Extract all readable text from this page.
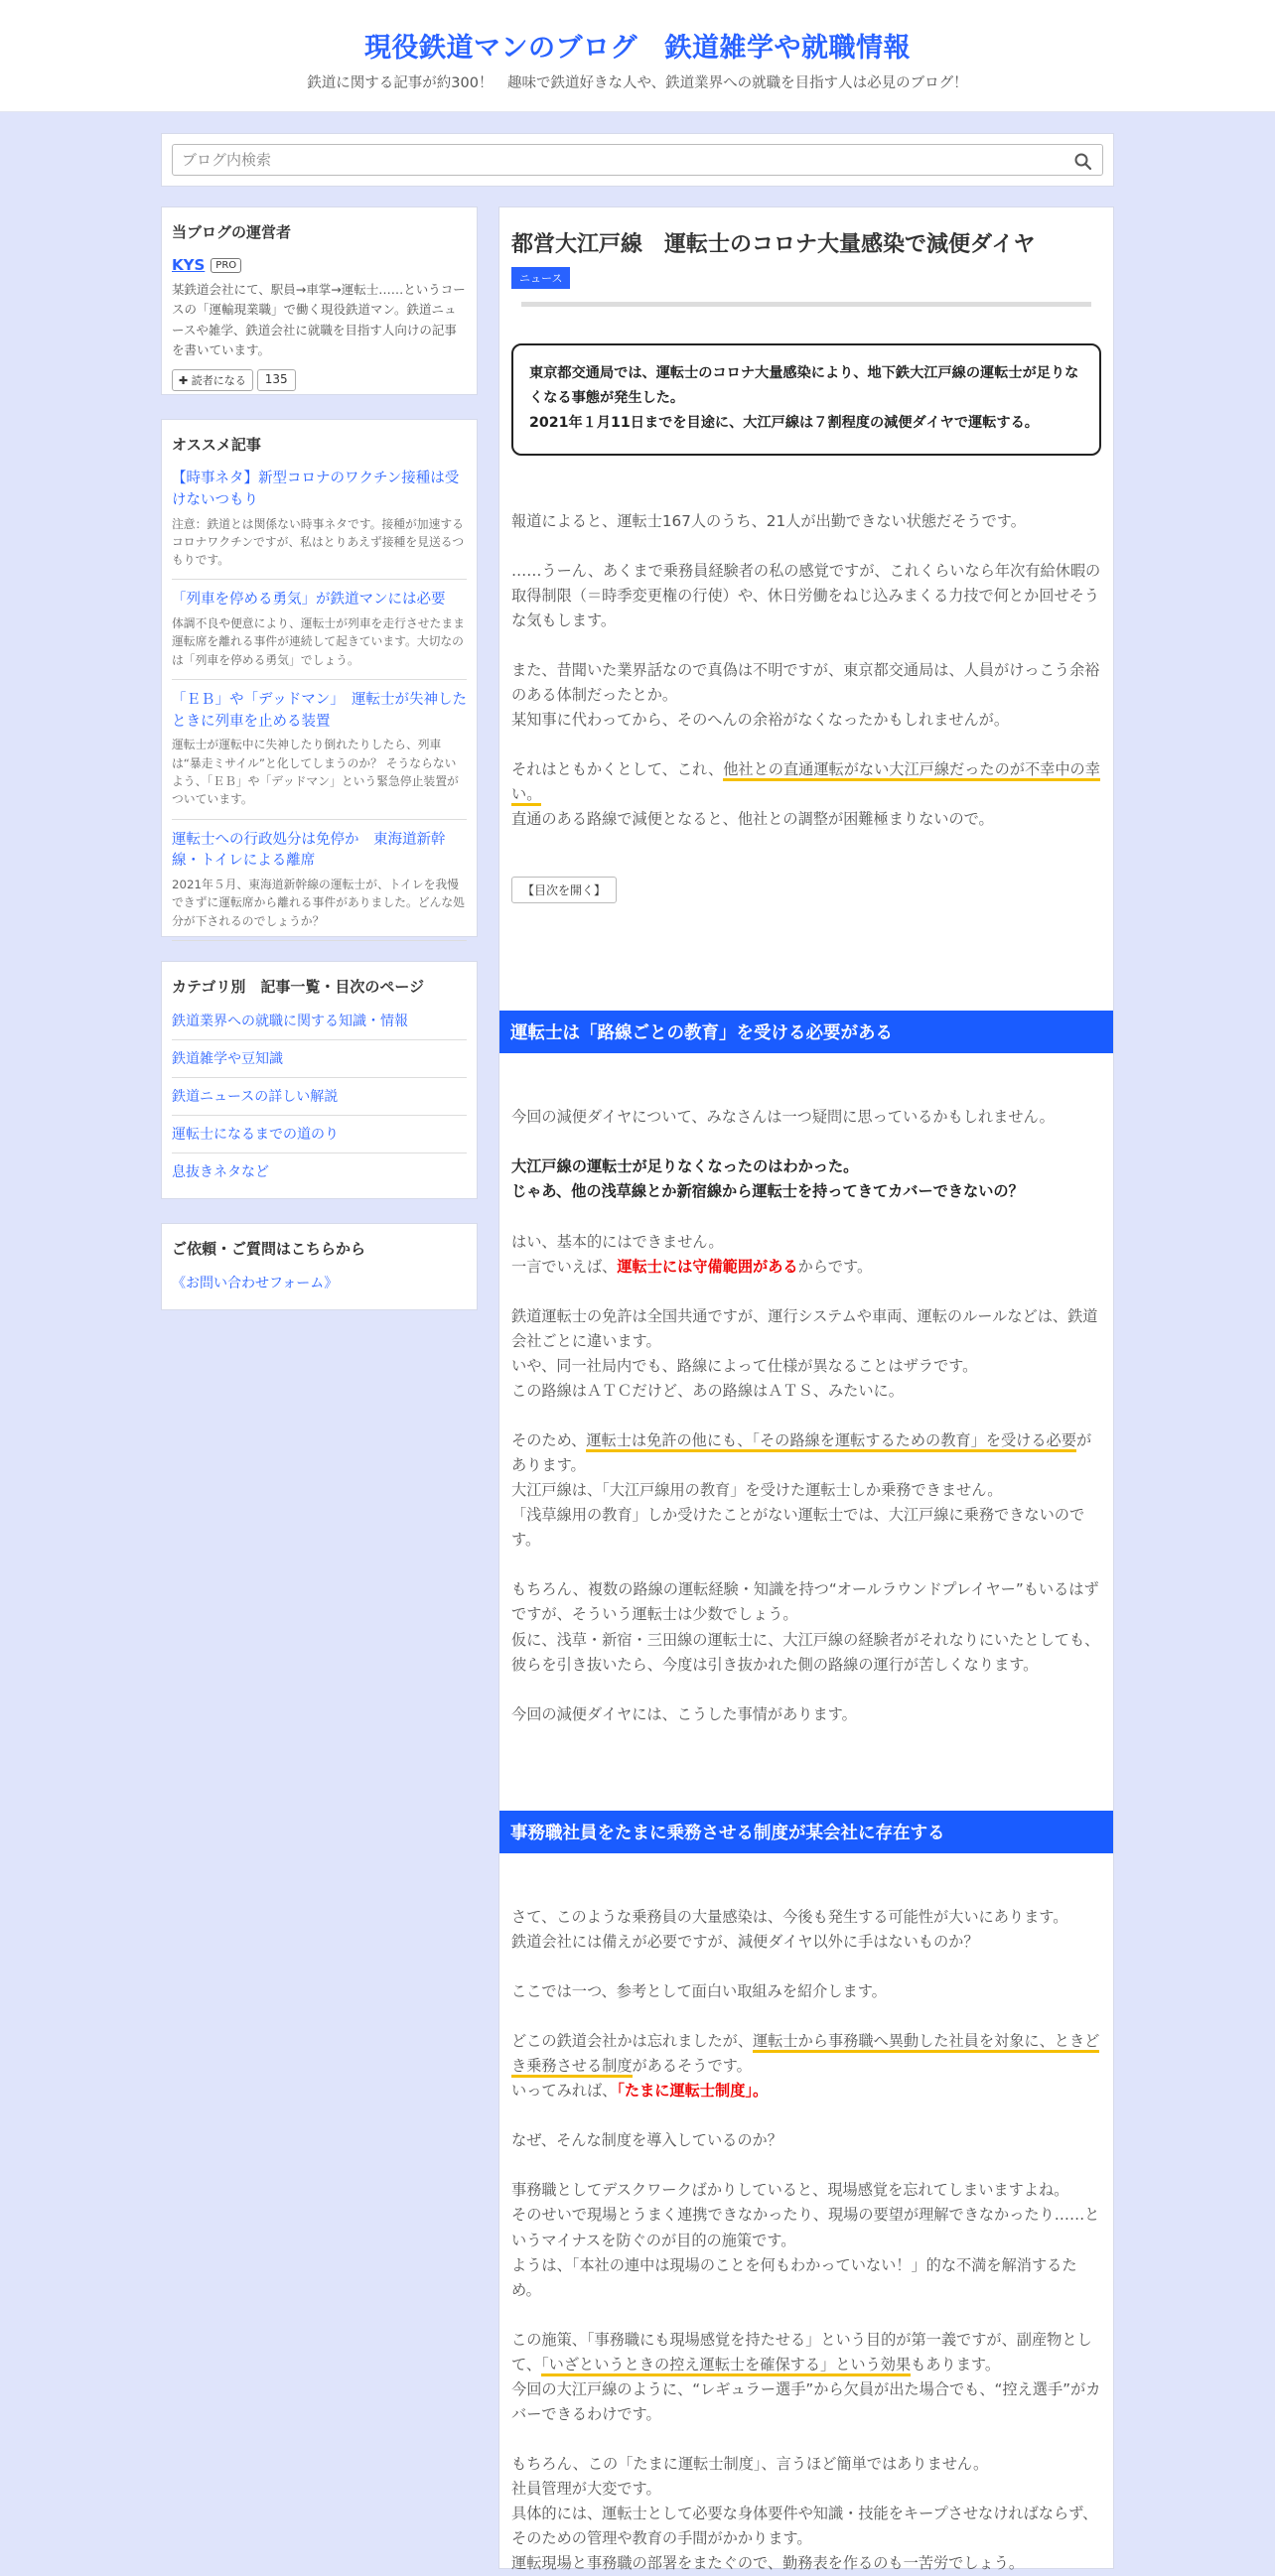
現役鉄道マンのブログ　鉄道雑学や就職情報
鉄道に関する記事が約300！　趣味で鉄道好きな人や、鉄道業界への就職を目指す人は必見のブログ！
ブログ内検索
当ブログの運営者
KYS	PRO
某鉄道会社にて、駅員→車掌→運転士……というコースの「運輸現業職」で働く現役鉄道マン。鉄道ニュースや雑学、鉄道会社に就職を目指す人向けの記事を書いています。
✚ 読者になる	135
オススメ記事
【時事ネタ】新型コロナのワクチン接種は受けないつもり
注意：鉄道とは関係ない時事ネタです。接種が加速するコロナワクチンですが、私はとりあえず接種を見送るつもりです。
「列車を停める勇気」が鉄道マンには必要
体調不良や便意により、運転士が列車を走行させたまま運転席を離れる事件が連続して起きています。大切なのは「列車を停める勇気」でしょう。
「ＥＢ」や「デッドマン」　運転士が失神したときに列車を止める装置
運転士が運転中に失神したり倒れたりしたら、列車は“暴走ミサイル”と化してしまうのか？ そうならないよう、「ＥＢ」や「デッドマン」という緊急停止装置がついています。
運転士への行政処分は免停か　東海道新幹線・トイレによる離席
2021年５月、東海道新幹線の運転士が、トイレを我慢できずに運転席から離れる事件がありました。どんな処分が下されるのでしょうか？
カテゴリ別　記事一覧・目次のページ
鉄道業界への就職に関する知識・情報
鉄道雑学や豆知識
鉄道ニュースの詳しい解説
運転士になるまでの道のり
息抜きネタなど
ご依頼・ご質問はこちらから
《お問い合わせフォーム》
都営大江戸線　運転士のコロナ大量感染で減便ダイヤ
ニュース
東京都交通局では、運転士のコロナ大量感染により、地下鉄大江戸線の運転士が足りなくなる事態が発生した。
2021年１月11日までを目途に、大江戸線は７割程度の減便ダイヤで運転する。
報道によると、運転士167人のうち、21人が出勤できない状態だそうです。
……うーん、あくまで乗務員経験者の私の感覚ですが、これくらいなら年次有給休暇の取得制限（＝時季変更権の行使）や、休日労働をねじ込みまくる力技で何とか回せそうな気もします。
また、昔聞いた業界話なので真偽は不明ですが、東京都交通局は、人員がけっこう余裕のある体制だったとか。
某知事に代わってから、そのへんの余裕がなくなったかもしれませんが。
それはともかくとして、これ、他社との直通運転がない大江戸線だったのが不幸中の幸い。
直通のある路線で減便となると、他社との調整が困難極まりないので。
【目次を開く】
運転士は「路線ごとの教育」を受ける必要がある
今回の減便ダイヤについて、みなさんは一つ疑問に思っているかもしれません。
大江戸線の運転士が足りなくなったのはわかった。
じゃあ、他の浅草線とか新宿線から運転士を持ってきてカバーできないの？
はい、基本的にはできません。
一言でいえば、運転士には守備範囲があるからです。
鉄道運転士の免許は全国共通ですが、運行システムや車両、運転のルールなどは、鉄道会社ごとに違います。
いや、同一社局内でも、路線によって仕様が異なることはザラです。
この路線はＡＴＣだけど、あの路線はＡＴＳ、みたいに。
そのため、運転士は免許の他にも、「その路線を運転するための教育」を受ける必要があります。
大江戸線は、「大江戸線用の教育」を受けた運転士しか乗務できません。
「浅草線用の教育」しか受けたことがない運転士では、大江戸線に乗務できないのです。
もちろん、複数の路線の運転経験・知識を持つ“オールラウンドプレイヤー”もいるはずですが、そういう運転士は少数でしょう。
仮に、浅草・新宿・三田線の運転士に、大江戸線の経験者がそれなりにいたとしても、彼らを引き抜いたら、今度は引き抜かれた側の路線の運行が苦しくなります。
今回の減便ダイヤには、こうした事情があります。
事務職社員をたまに乗務させる制度が某会社に存在する
さて、このような乗務員の大量感染は、今後も発生する可能性が大いにあります。
鉄道会社には備えが必要ですが、減便ダイヤ以外に手はないものか？
ここでは一つ、参考として面白い取組みを紹介します。
どこの鉄道会社かは忘れましたが、運転士から事務職へ異動した社員を対象に、ときどき乗務させる制度があるそうです。
いってみれば、「たまに運転士制度」。
なぜ、そんな制度を導入しているのか？
事務職としてデスクワークばかりしていると、現場感覚を忘れてしまいますよね。
そのせいで現場とうまく連携できなかったり、現場の要望が理解できなかったり……というマイナスを防ぐのが目的の施策です。
ようは、「本社の連中は現場のことを何もわかっていない！」的な不満を解消するため。
この施策、「事務職にも現場感覚を持たせる」という目的が第一義ですが、副産物として、「いざというときの控え運転士を確保する」という効果もあります。
今回の大江戸線のように、“レギュラー選手”から欠員が出た場合でも、“控え選手”がカバーできるわけです。
もちろん、この「たまに運転士制度」、言うほど簡単ではありません。
社員管理が大変です。
具体的には、運転士として必要な身体要件や知識・技能をキープさせなければならず、そのための管理や教育の手間がかかります。
運転現場と事務職の部署をまたぐので、勤務表を作るのも一苦労でしょう。
